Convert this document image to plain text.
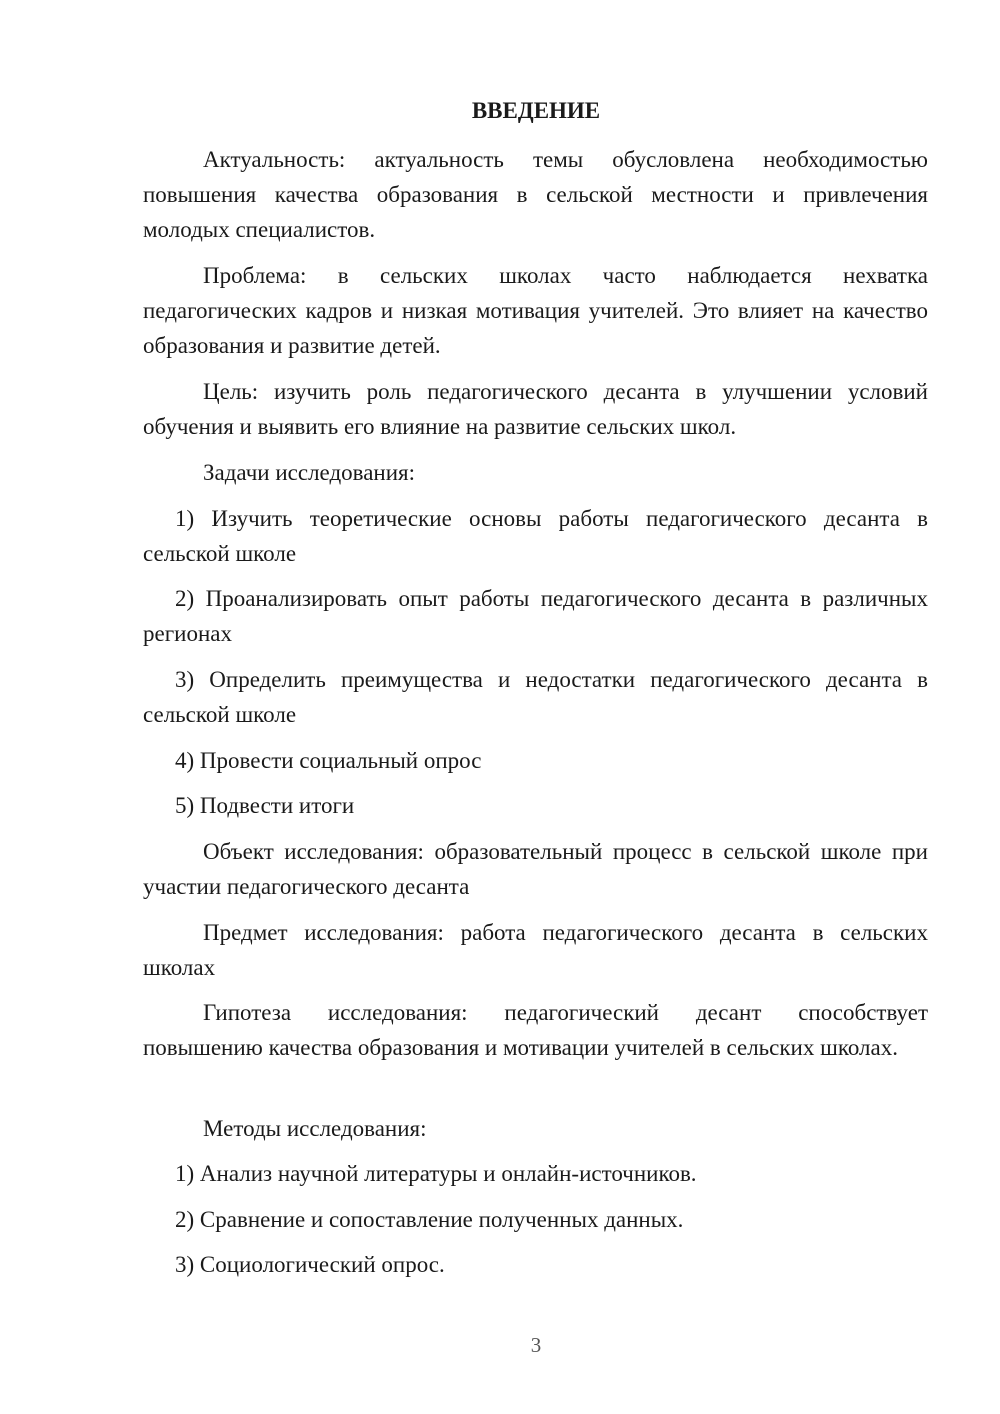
ВВЕДЕНИЕ

Актуальность: актуальность темы обусловлена необходимостью повышения качества образования в сельской местности и привлечения молодых специалистов.

Проблема: в сельских школах часто наблюдается нехватка педагогических кадров и низкая мотивация учителей. Это влияет на качество образования и развитие детей.

Цель: изучить роль педагогического десанта в улучшении условий обучения и выявить его влияние на развитие сельских школ.

Задачи исследования:

1) Изучить теоретические основы работы педагогического десанта в сельской школе

2) Проанализировать опыт работы педагогического десанта в различных регионах

3) Определить преимущества и недостатки педагогического десанта в сельской школе

4) Провести социальный опрос

5) Подвести итоги

Объект исследования: образовательный процесс в сельской школе при участии педагогического десанта

Предмет исследования: работа педагогического десанта в сельских школах

Гипотеза исследования: педагогический десант способствует повышению качества образования и мотивации учителей в сельских школах.

Методы исследования:

1) Анализ научной литературы и онлайн-источников.

2) Сравнение и сопоставление полученных данных.

3) Социологический опрос.

3
